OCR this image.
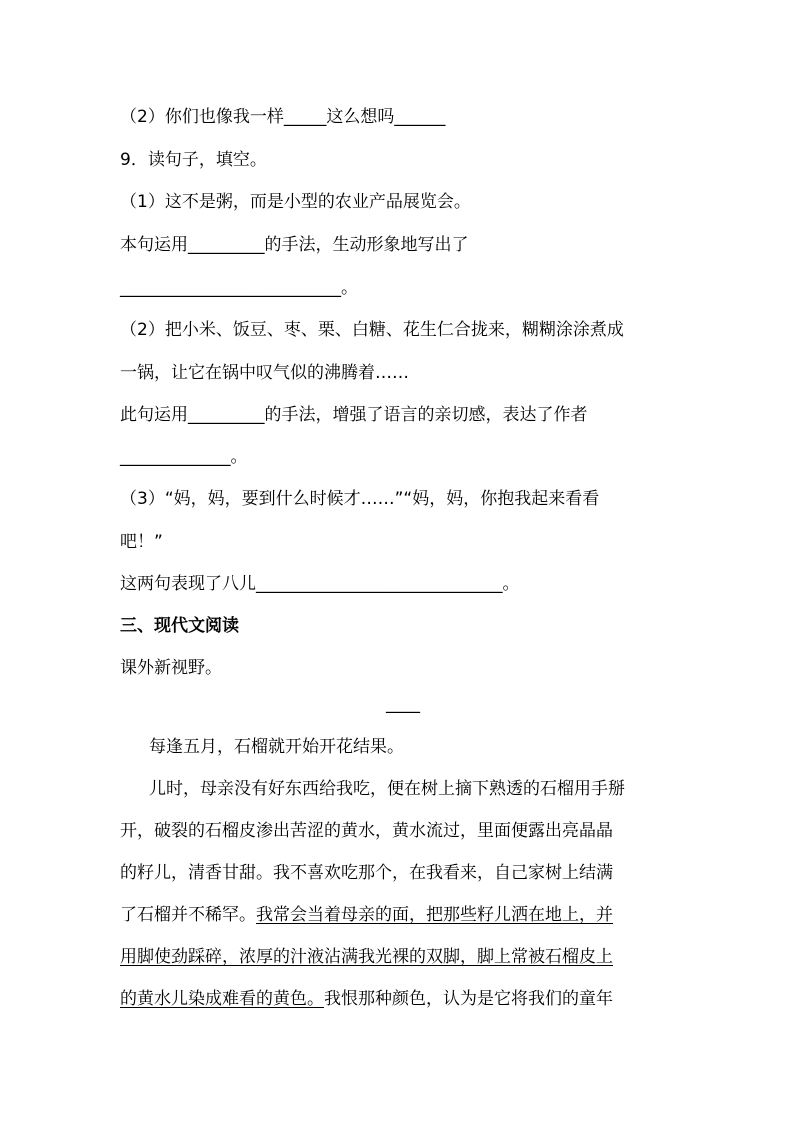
（2）你们也像我一样_____这么想吗______
9．读句子，填空。
（1）这不是粥，而是小型的农业产品展览会。
本句运用_________的手法，生动形象地写出了
__________________________。
（2）把小米、饭豆、枣、栗、白糖、花生仁合拢来，糊糊涂涂煮成
一锅，让它在锅中叹气似的沸腾着……
此句运用_________的手法，增强了语言的亲切感，表达了作者
_____________。
（3）“妈，妈，要到什么时候才……”“妈，妈，你抱我起来看看
吧！”
这两句表现了八儿_____________________________。
三、现代文阅读
课外新视野。
____
每逢五月，石榴就开始开花结果。
儿时，母亲没有好东西给我吃，便在树上摘下熟透的石榴用手掰
开，破裂的石榴皮渗出苦涩的黄水，黄水流过，里面便露出亮晶晶
的籽儿，清香甘甜。我不喜欢吃那个，在我看来，自己家树上结满
了石榴并不稀罕。我常会当着母亲的面，把那些籽儿洒在地上，并
用脚使劲踩碎，浓厚的汁液沾满我光裸的双脚，脚上常被石榴皮上
的黄水儿染成难看的黄色。我恨那种颜色，认为是它将我们的童年
